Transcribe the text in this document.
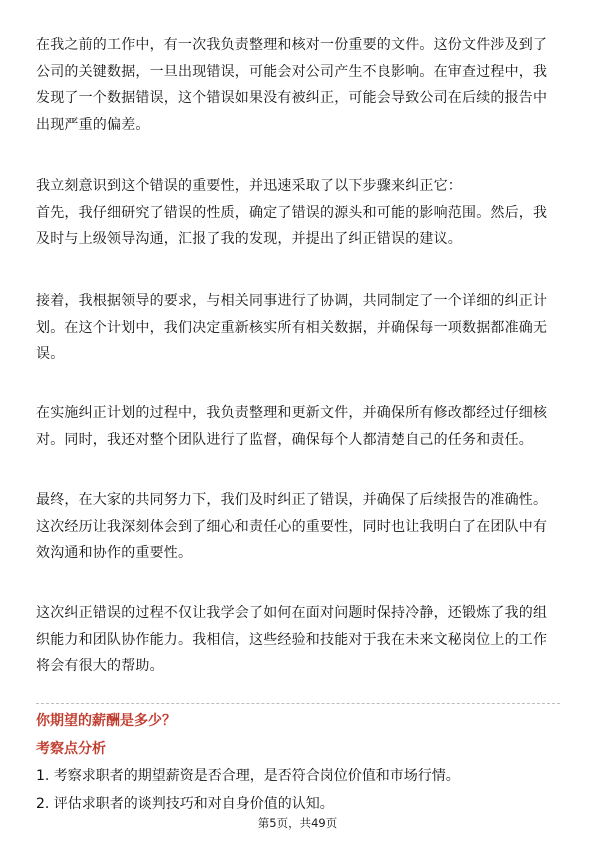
在我之前的工作中，有一次我负责整理和核对一份重要的文件。这份文件涉及到了
公司的关键数据，一旦出现错误，可能会对公司产生不良影响。在审查过程中，我
发现了一个数据错误，这个错误如果没有被纠正，可能会导致公司在后续的报告中
出现严重的偏差。
我立刻意识到这个错误的重要性，并迅速采取了以下步骤来纠正它：
首先，我仔细研究了错误的性质，确定了错误的源头和可能的影响范围。然后，我
及时与上级领导沟通，汇报了我的发现，并提出了纠正错误的建议。
接着，我根据领导的要求，与相关同事进行了协调，共同制定了一个详细的纠正计
划。在这个计划中，我们决定重新核实所有相关数据，并确保每一项数据都准确无
误。
在实施纠正计划的过程中，我负责整理和更新文件，并确保所有修改都经过仔细核
对。同时，我还对整个团队进行了监督，确保每个人都清楚自己的任务和责任。
最终，在大家的共同努力下，我们及时纠正了错误，并确保了后续报告的准确性。
这次经历让我深刻体会到了细心和责任心的重要性，同时也让我明白了在团队中有
效沟通和协作的重要性。
这次纠正错误的过程不仅让我学会了如何在面对问题时保持冷静，还锻炼了我的组
织能力和团队协作能力。我相信，这些经验和技能对于我在未来文秘岗位上的工作
将会有很大的帮助。

你期望的薪酬是多少？

考察点分析

1. 考察求职者的期望薪资是否合理，是否符合岗位价值和市场行情。

2. 评估求职者的谈判技巧和对自身价值的认知。

第5页，共49页
